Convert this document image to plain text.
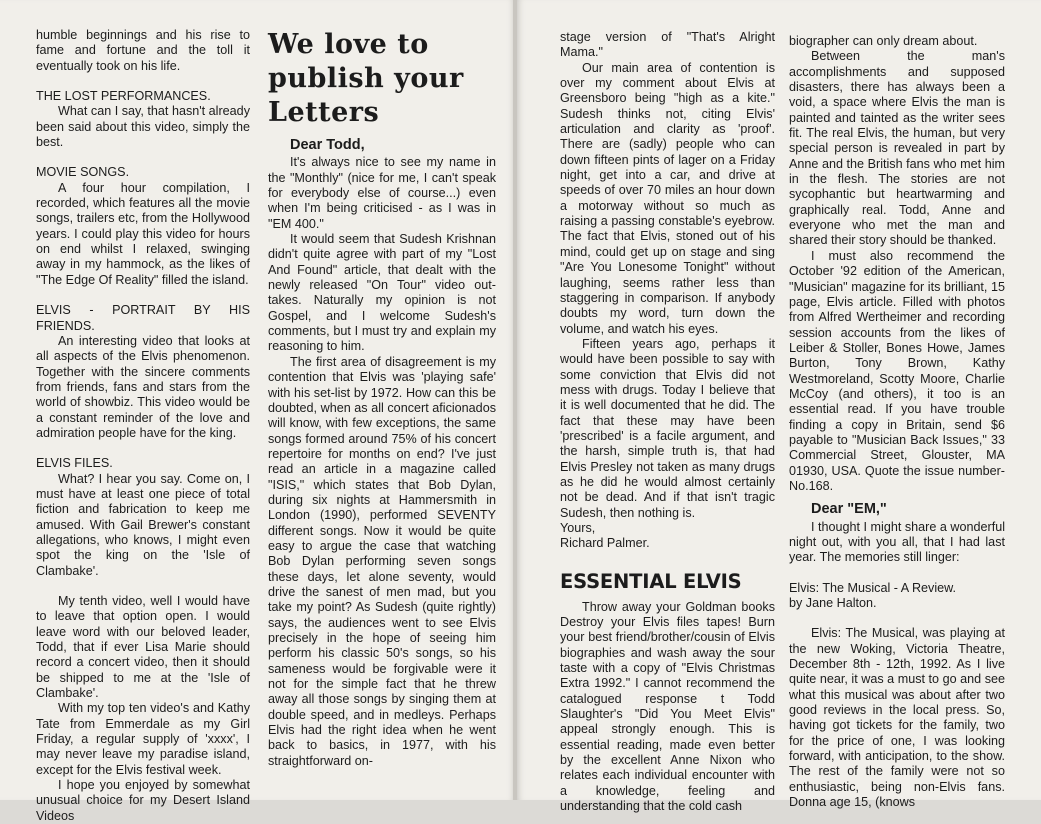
humble beginnings and his rise to fame and fortune and the toll it eventually took on his life.

THE LOST PERFORMANCES.

What can I say, that hasn't already been said about this video, simply the best.

MOVIE SONGS.

A four hour compilation, I recorded, which features all the movie songs, trailers etc, from the Hollywood years. I could play this video for hours on end whilst I relaxed, swinging away in my hammock, as the likes of "The Edge Of Reality" filled the island.

ELVIS - PORTRAIT BY HIS FRIENDS.

An interesting video that looks at all aspects of the Elvis phenomenon. Together with the sincere comments from friends, fans and stars from the world of showbiz. This video would be a constant reminder of the love and admiration people have for the king.

ELVIS FILES.

What? I hear you say. Come on, I must have at least one piece of total fiction and fabrication to keep me amused. With Gail Brewer's constant allegations, who knows, I might even spot the king on the 'Isle of Clambake'.

My tenth video, well I would have to leave that option open. I would leave word with our beloved leader, Todd, that if ever Lisa Marie should record a concert video, then it should be shipped to me at the 'Isle of Clambake'.

With my top ten video's and Kathy Tate from Emmerdale as my Girl Friday, a regular supply of 'xxxx', I may never leave my paradise island, except for the Elvis festival week.

I hope you enjoyed by somewhat unusual choice for my Desert Island Videos

We love to publish your Letters
Dear Todd,

It's always nice to see my name in the "Monthly" (nice for me, I can't speak for everybody else of course...) even when I'm being criticised - as I was in "EM 400."

It would seem that Sudesh Krishnan didn't quite agree with part of my "Lost And Found" article, that dealt with the newly released "On Tour" video out-takes. Naturally my opinion is not Gospel, and I welcome Sudesh's comments, but I must try and explain my reasoning to him.

The first area of disagreement is my contention that Elvis was 'playing safe' with his set-list by 1972. How can this be doubted, when as all concert aficionados will know, with few exceptions, the same songs formed around 75% of his concert repertoire for months on end? I've just read an article in a magazine called "ISIS," which states that Bob Dylan, during six nights at Hammersmith in London (1990), performed SEVENTY different songs. Now it would be quite easy to argue the case that watching Bob Dylan performing seven songs these days, let alone seventy, would drive the sanest of men mad, but you take my point? As Sudesh (quite rightly) says, the audiences went to see Elvis precisely in the hope of seeing him perform his classic 50's songs, so his sameness would be forgivable were it not for the simple fact that he threw away all those songs by singing them at double speed, and in medleys. Perhaps Elvis had the right idea when he went back to basics, in 1977, with his straightforward on-

stage version of "That's Alright Mama."

Our main area of contention is over my comment about Elvis at Greensboro being "high as a kite." Sudesh thinks not, citing Elvis' articulation and clarity as 'proof'. There are (sadly) people who can down fifteen pints of lager on a Friday night, get into a car, and drive at speeds of over 70 miles an hour down a motorway without so much as raising a passing constable's eyebrow. The fact that Elvis, stoned out of his mind, could get up on stage and sing "Are You Lonesome Tonight" without laughing, seems rather less than staggering in comparison. If anybody doubts my word, turn down the volume, and watch his eyes.

Fifteen years ago, perhaps it would have been possible to say with some conviction that Elvis did not mess with drugs. Today I believe that it is well documented that he did. The fact that these may have been 'prescribed' is a facile argument, and the harsh, simple truth is, that had Elvis Presley not taken as many drugs as he did he would almost certainly not be dead. And if that isn't tragic Sudesh, then nothing is.

Yours,

Richard Palmer.

ESSENTIAL ELVIS

Throw away your Goldman books Destroy your Elvis files tapes! Burn your best friend/brother/cousin of Elvis biographies and wash away the sour taste with a copy of "Elvis Christmas Extra 1992." I cannot recommend the catalogued response t Todd Slaughter's "Did You Meet Elvis" appeal strongly enough. This is essential reading, made even better by the excellent Anne Nixon who relates each individual encounter with a knowledge, feeling and understanding that the cold cash

biographer can only dream about.

Between the man's accomplishments and supposed disasters, there has always been a void, a space where Elvis the man is painted and tainted as the writer sees fit. The real Elvis, the human, but very special person is revealed in part by Anne and the British fans who met him in the flesh. The stories are not sycophantic but heartwarming and graphically real. Todd, Anne and everyone who met the man and shared their story should be thanked.

I must also recommend the October '92 edition of the American, "Musician" magazine for its brilliant, 15 page, Elvis article. Filled with photos from Alfred Wertheimer and recording session accounts from the likes of Leiber & Stoller, Bones Howe, James Burton, Tony Brown, Kathy Westmoreland, Scotty Moore, Charlie McCoy (and others), it too is an essential read. If you have trouble finding a copy in Britain, send $6 payable to "Musician Back Issues," 33 Commercial Street, Glouster, MA 01930, USA. Quote the issue number- No.168.

Dear "EM,"

I thought I might share a wonderful night out, with you all, that I had last year. The memories still linger:

Elvis: The Musical - A Review.

by Jane Halton.

Elvis: The Musical, was playing at the new Woking, Victoria Theatre, December 8th - 12th, 1992. As I live quite near, it was a must to go and see what this musical was about after two good reviews in the local press. So, having got tickets for the family, two for the price of one, I was looking forward, with anticipation, to the show. The rest of the family were not so enthusiastic, being non-Elvis fans. Donna age 15, (knows
